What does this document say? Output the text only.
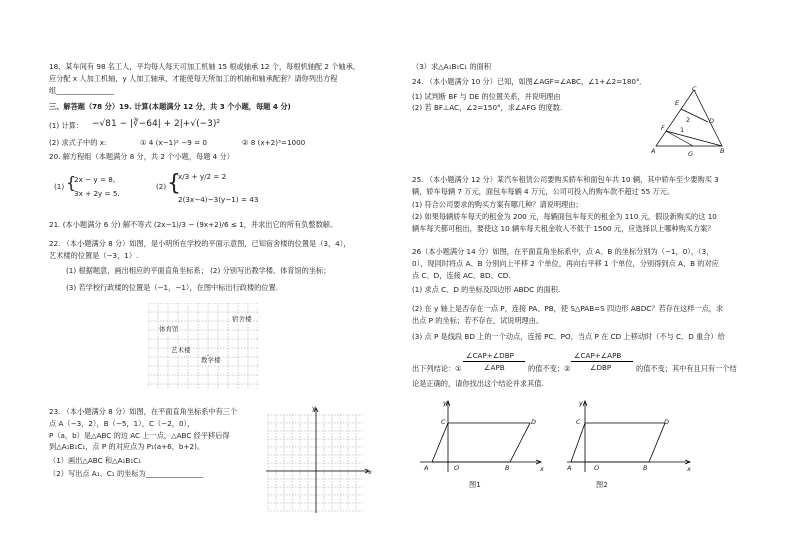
18、某车间有 98 名工人，平均每人每天可加工机轴 15 根或轴承 12 个，每根机轴配 2 个轴承，
应分配 x 人加工机轴，y 人加工轴承，才能使每天所加工的机轴和轴承配套？请你列出方程
组________________
三、解答题（78 分）19. 计算(本题满分 12 分，共 3 个小题，每题 4 分)
(1) 计算： −√81 − |∛−64| + 2|+√(−3)²
(2) 求式子中的 x:	① 4 (x−1)² −9 = 0	② 8 (x+2)³=1000
20. 解方程组（本题满分 8 分，共 2 个小题，每题 4 分）
(1) {
2x − y = 8,
3x + 2y = 5.
(2) {
x/3 + y/2 = 2
2(3x−4)−3(y−1) = 43
21. (本小题满分 6 分) 解不等式 (2x−1)/3 − (9x+2)/6 ≤ 1，并求出它的所有负整数解。
22. （本小题满分 8 分）如图，是小明所在学校的平面示意图，已知宿舍楼的位置是（3，4），
艺术楼的位置是（−3，1）.
(1) 根据题意，画出相应的平面直角坐标系； (2) 分别写出教学楼、体育馆的坐标；
(3) 若学校行政楼的位置是（−1，−1），在图中标出行政楼的位置.
宿舍楼
体育馆
艺术楼
教学楼
23. （本小题满分 8 分）如图，在平面直角坐标系中有三个
点 A（−3，2），B（−5，1），C（−2，0），
P（a，b）是△ABC 的边 AC 上一点，△ABC 经平移后得
到△A₁B₁C₁，点 P 的对应点为 P₁(a+6，b+2)。
（1）画出△ABC 和△A₁B₁C₁
（2）写出点 A₁、C₁ 的坐标为________________
y
x
（3）求△A₁B₁C₁ 的面积
24. （本小题满分 10 分）已知，如图∠AGF=∠ABC，∠1+∠2=180°．
(1) 试判断 BF 与 DE 的位置关系，并说明理由
(2) 若 BF⊥AC，∠2=150°，求∠AFG 的度数.
C
E
F
D
A	G	B
1
2
25. （本小题满分 12 分）某汽车租赁公司要购买轿车和面包车共 10 辆，其中轿车至少要购买 3
辆，轿车每辆 7 万元，面包车每辆 4 万元，公司可投入的购车款不超过 55 万元。
(1) 符合公司要求的购买方案有哪几种？请说明理由；
(2) 如果每辆轿车每天的租金为 200 元，每辆面包车每天的租金为 110 元，假设新购买的这 10
辆车每天都可租出，要使这 10 辆车每天租金收入不低于 1500 元，应选择以上哪种购买方案？
26（本小题满分 14 分）如图，在平面直角坐标系中，点 A、B 的坐标分别为（−1，0），（3，
0），现同时将点 A、B 分别向上平移 2 个单位，再向右平移 1 个单位，分别得到点 A、B 的对应
点 C、D，连接 AC、BD、CD.
(1) 求点 C、D 的坐标及四边形 ABDC 的面积.
(2) 在 y 轴上是否存在一点 P，连接 PA、PB，使 S△PAB=S 四边形 ABDC？若存在这样一点，求
出点 P 的坐标；若不存在，试说明理由。
(3) 点 P 是线段 BD 上的一个动点，连接 PC、PO，当点 P 在 CD 上移动时（不与 C、D 重合）给
出下列结论：①
∠CAP+∠DBP
∠APB	的值不变；②
∠CAP+∠APB
∠DBP	的值不变；其中有且只有一个结
论是正确的，请你找出这个结论并求其值.
y
C	D
A	O	B	x
图1
y
C	D
A	O	B	x
图2
